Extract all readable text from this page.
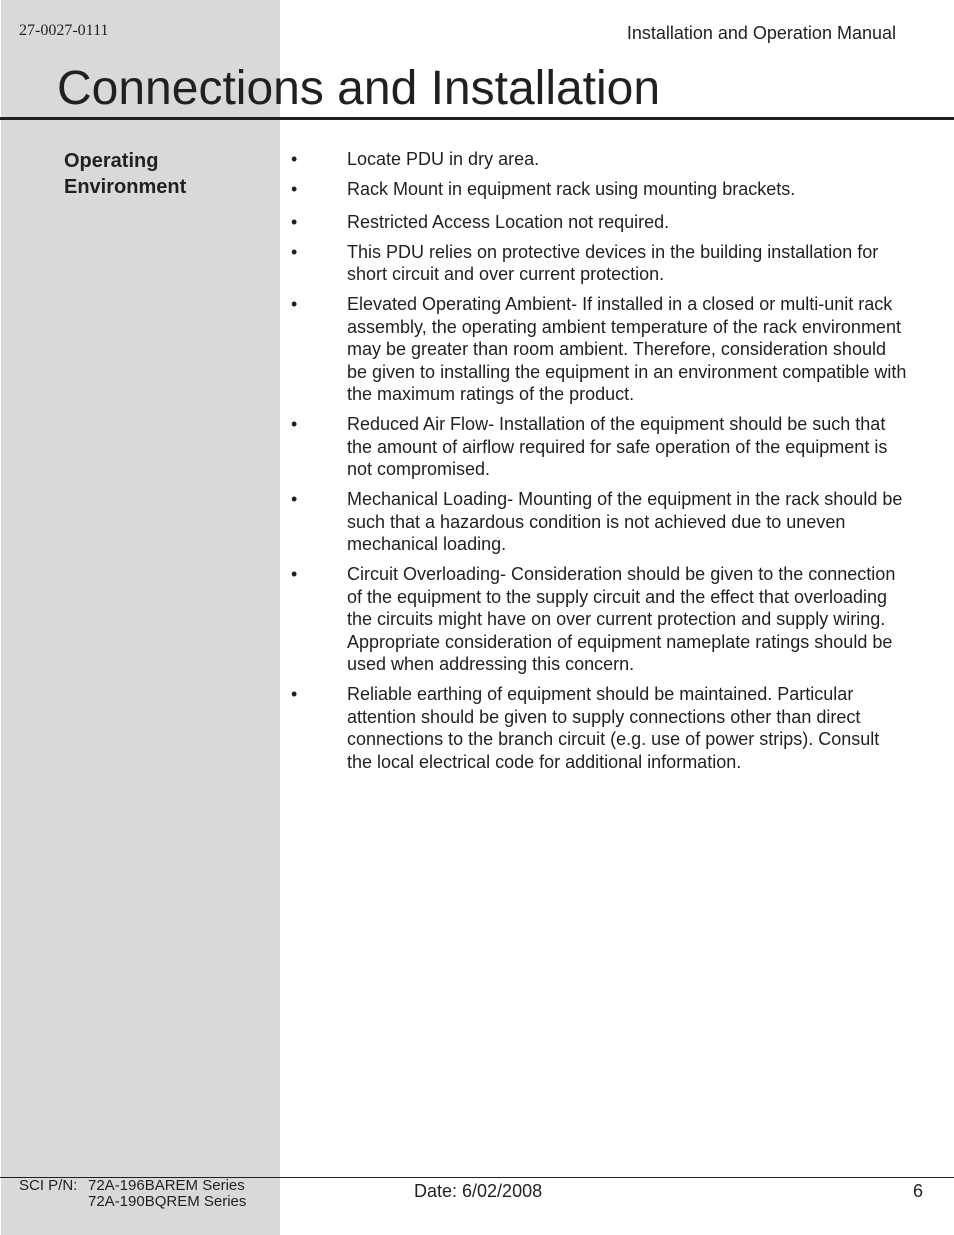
27-0027-0111	Installation and Operation Manual
Connections and Installation
Operating
Environment
•	Locate PDU in dry area.
•	Rack Mount in equipment rack using mounting brackets.
•	Restricted Access Location not required.
•	This PDU relies on protective devices in the building installation for short circuit and over current protection.
•	Elevated Operating Ambient- If installed in a closed or multi-unit rack assembly, the operating ambient temperature of the rack environment may be greater than room ambient. Therefore, consideration should be given to installing the equipment in an environment compatible with the maximum ratings of the product.
•	Reduced Air Flow- Installation of the equipment should be such that the amount of airflow required for safe operation of the equipment is not compromised.
•	Mechanical Loading- Mounting of the equipment in the rack should be such that a hazardous condition is not achieved due to uneven mechanical loading.
•	Circuit Overloading- Consideration should be given to the connection of the equipment to the supply circuit and the effect that overloading the circuits might have on over current protection and supply wiring. Appropriate consideration of equipment nameplate ratings should be used when addressing this concern.
•	Reliable earthing of equipment should be maintained. Particular attention should be given to supply connections other than direct connections to the branch circuit (e.g. use of power strips). Consult the local electrical code for additional information.
SCI P/N: 72A-196BAREM Series
72A-190BQREM Series
Date: 6/02/2008	6
